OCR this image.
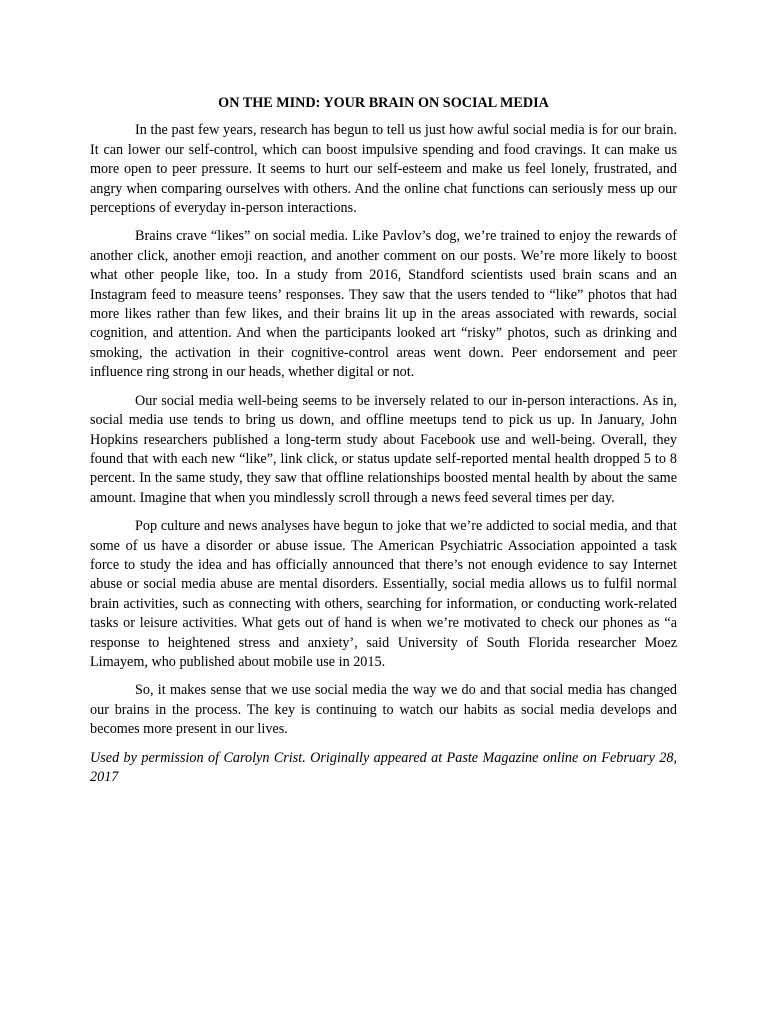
ON THE MIND: YOUR BRAIN ON SOCIAL MEDIA

In the past few years, research has begun to tell us just how awful social media is for our brain. It can lower our self-control, which can boost impulsive spending and food cravings. It can make us more open to peer pressure. It seems to hurt our self-esteem and make us feel lonely, frustrated, and angry when comparing ourselves with others. And the online chat functions can seriously mess up our perceptions of everyday in-person interactions.

Brains crave “likes” on social media. Like Pavlov’s dog, we’re trained to enjoy the rewards of another click, another emoji reaction, and another comment on our posts. We’re more likely to boost what other people like, too. In a study from 2016, Standford scientists used brain scans and an Instagram feed to measure teens’ responses. They saw that the users tended to “like” photos that had more likes rather than few likes, and their brains lit up in the areas associated with rewards, social cognition, and attention. And when the participants looked art “risky” photos, such as drinking and smoking, the activation in their cognitive-control areas went down. Peer endorsement and peer influence ring strong in our heads, whether digital or not.

Our social media well-being seems to be inversely related to our in-person interactions. As in, social media use tends to bring us down, and offline meetups tend to pick us up. In January, John Hopkins researchers published a long-term study about Facebook use and well-being. Overall, they found that with each new “like”, link click, or status update self-reported mental health dropped 5 to 8 percent. In the same study, they saw that offline relationships boosted mental health by about the same amount. Imagine that when you mindlessly scroll through a news feed several times per day.

Pop culture and news analyses have begun to joke that we’re addicted to social media, and that some of us have a disorder or abuse issue. The American Psychiatric Association appointed a task force to study the idea and has officially announced that there’s not enough evidence to say Internet abuse or social media abuse are mental disorders. Essentially, social media allows us to fulfil normal brain activities, such as connecting with others, searching for information, or conducting work-related tasks or leisure activities. What gets out of hand is when we’re motivated to check our phones as “a response to heightened stress and anxiety’, said University of South Florida researcher Moez Limayem, who published about mobile use in 2015.

So, it makes sense that we use social media the way we do and that social media has changed our brains in the process. The key is continuing to watch our habits as social media develops and becomes more present in our lives.

Used by permission of Carolyn Crist. Originally appeared at Paste Magazine online on February 28, 2017
